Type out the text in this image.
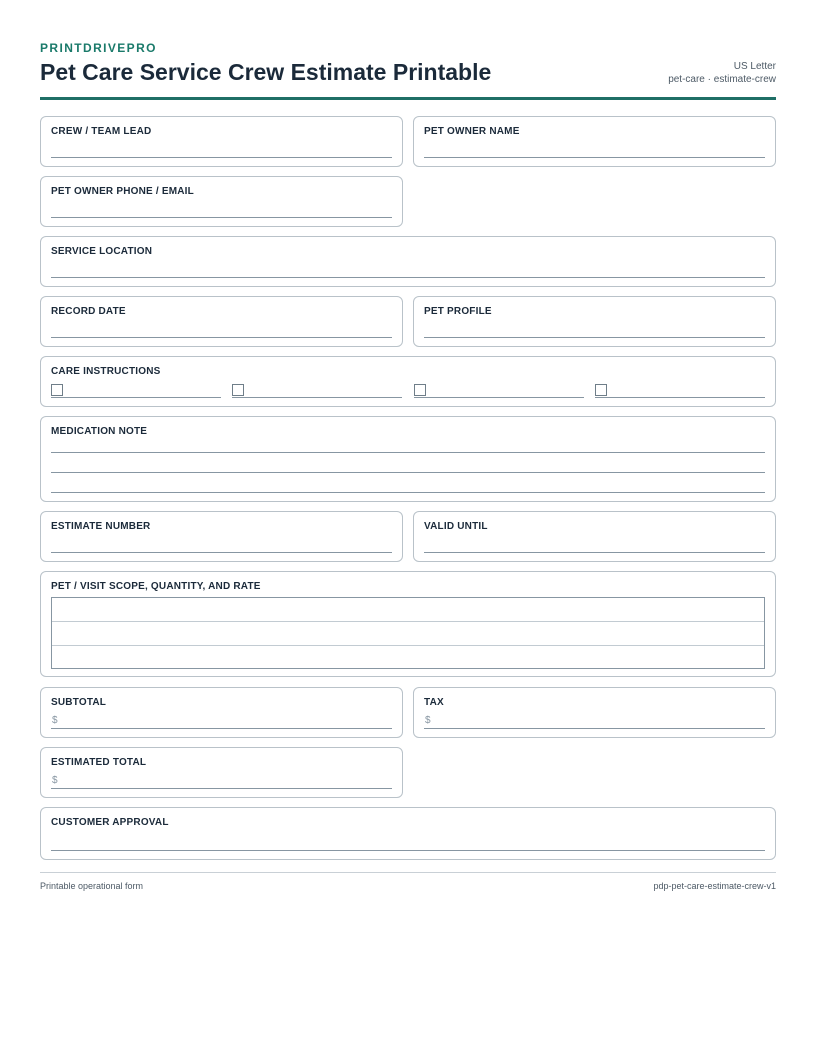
PRINTDRIVEPRO
Pet Care Service Crew Estimate Printable	US Letter
pet-care · estimate-crew
CREW / TEAM LEAD	PET OWNER NAME
PET OWNER PHONE / EMAIL
SERVICE LOCATION
RECORD DATE	PET PROFILE
CARE INSTRUCTIONS
MEDICATION NOTE
ESTIMATE NUMBER	VALID UNTIL
PET / VISIT SCOPE, QUANTITY, AND RATE
SUBTOTAL
$
TAX
$
ESTIMATED TOTAL
$
CUSTOMER APPROVAL
Printable operational form	pdp-pet-care-estimate-crew-v1
